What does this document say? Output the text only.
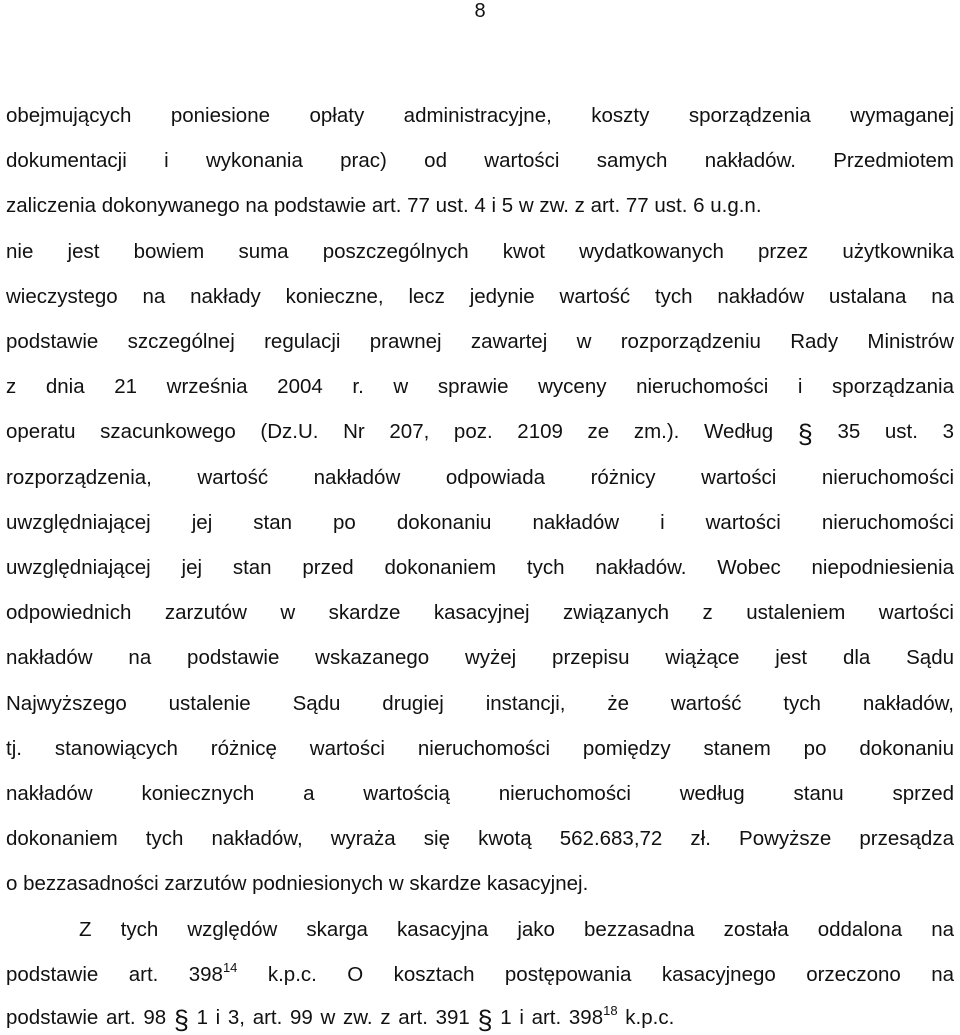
8
obejmujących poniesione opłaty administracyjne, koszty sporządzenia wymaganej
dokumentacji i wykonania prac) od wartości samych nakładów. Przedmiotem
zaliczenia dokonywanego na podstawie art. 77 ust. 4 i 5 w zw. z art. 77 ust. 6 u.g.n.
nie jest bowiem suma poszczególnych kwot wydatkowanych przez użytkownika
wieczystego na nakłady konieczne, lecz jedynie wartość tych nakładów ustalana na
podstawie szczególnej regulacji prawnej zawartej w rozporządzeniu Rady Ministrów
z dnia 21 września 2004 r. w sprawie wyceny nieruchomości i sporządzania
operatu szacunkowego (Dz.U. Nr 207, poz. 2109 ze zm.). Według § 35 ust. 3
rozporządzenia, wartość nakładów odpowiada różnicy wartości nieruchomości
uwzględniającej jej stan po dokonaniu nakładów i wartości nieruchomości
uwzględniającej jej stan przed dokonaniem tych nakładów. Wobec niepodniesienia
odpowiednich zarzutów w skardze kasacyjnej związanych z ustaleniem wartości
nakładów na podstawie wskazanego wyżej przepisu wiążące jest dla Sądu
Najwyższego ustalenie Sądu drugiej instancji, że wartość tych nakładów,
tj. stanowiących różnicę wartości nieruchomości pomiędzy stanem po dokonaniu
nakładów koniecznych a wartością nieruchomości według stanu sprzed
dokonaniem tych nakładów, wyraża się kwotą 562.683,72 zł. Powyższe przesądza
o bezzasadności zarzutów podniesionych w skardze kasacyjnej.
Z tych względów skarga kasacyjna jako bezzasadna została oddalona na
podstawie art. $398^{14}$ k.p.c. O kosztach postępowania kasacyjnego orzeczono na
podstawie art. 98 § 1 i 3, art. 99 w zw. z art. 391 § 1 i art. $398^{18}$ k.p.c.
